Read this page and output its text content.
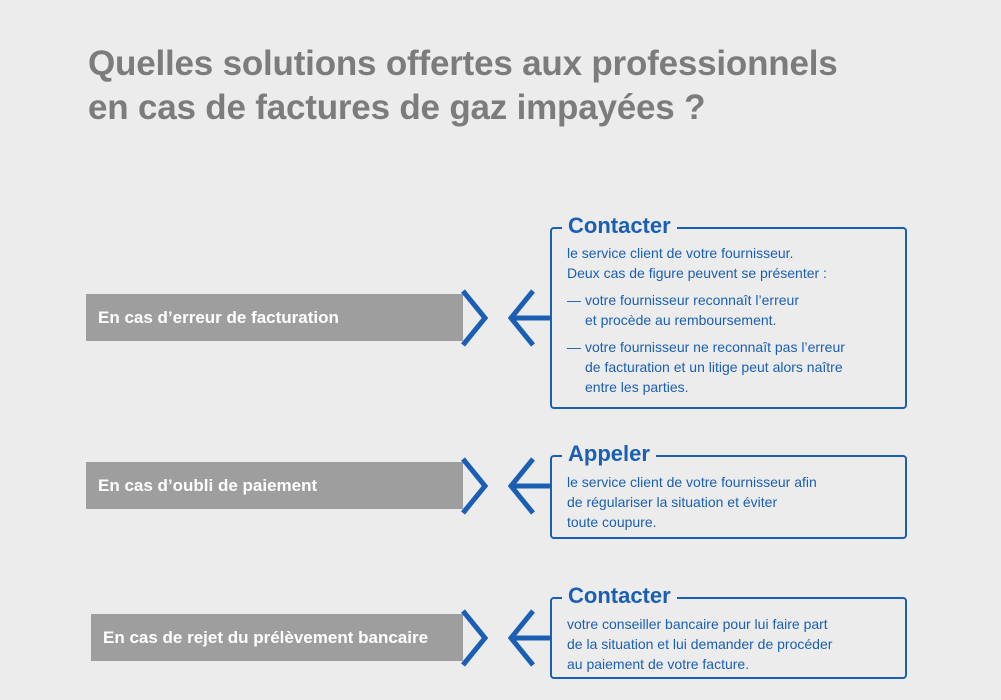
Quelles solutions offertes aux professionnels
en cas de factures de gaz impayées ?
En cas d’erreur de facturation
Contacter

le service client de votre fournisseur.

Deux cas de figure peuvent se présenter :

— votre fournisseur reconnaît l’erreur
et procède au remboursement.

— votre fournisseur ne reconnaît pas l’erreur
de facturation et un litige peut alors naître
entre les parties.

En cas d’oubli de paiement
Appeler

le service client de votre fournisseur afin

de régulariser la situation et éviter

toute coupure.

En cas de rejet du prélèvement bancaire
Contacter

votre conseiller bancaire pour lui faire part

de la situation et lui demander de procéder

au paiement de votre facture.
